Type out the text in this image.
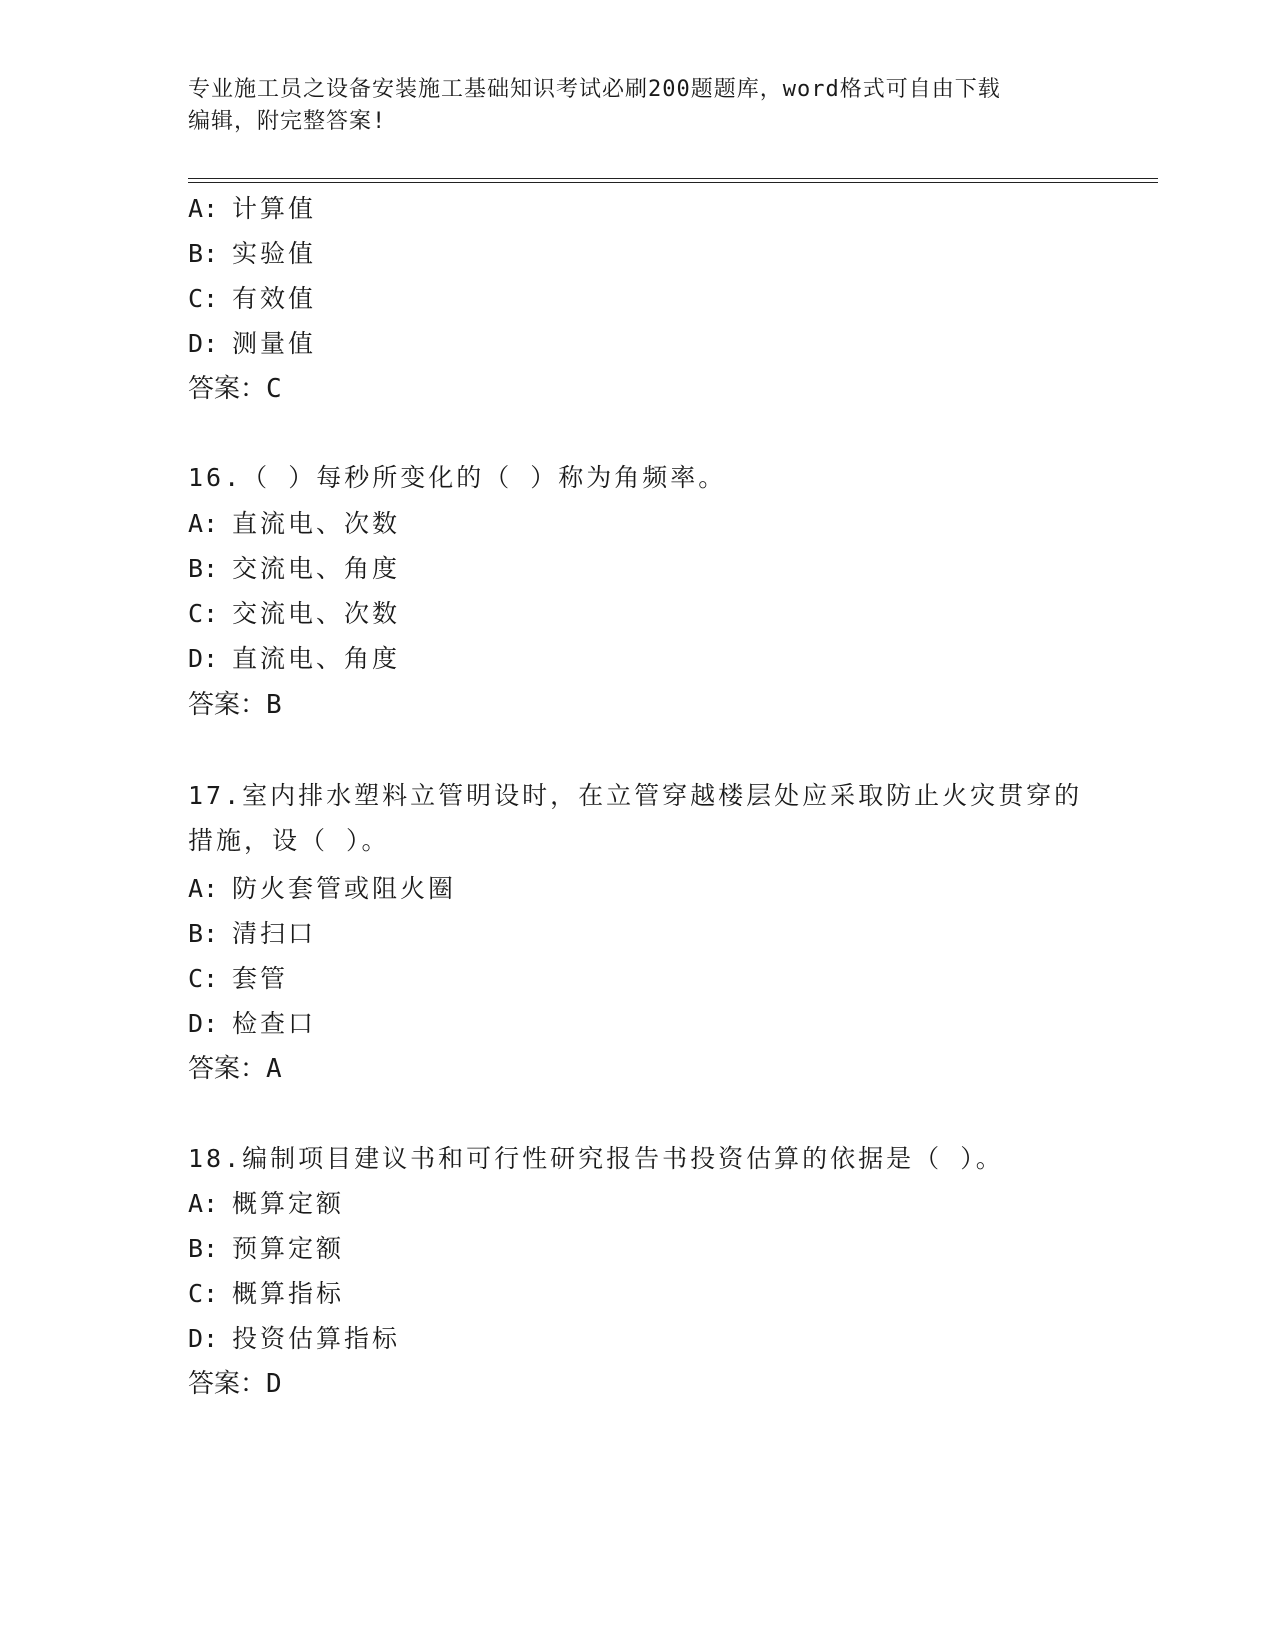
专业施工员之设备安装施工基础知识考试必刷200题题库，word格式可自由下载
编辑，附完整答案!
A: 计算值
B: 实验值
C: 有效值
D: 测量值
答案：C
16.（ ）每秒所变化的（ ）称为角频率。
A: 直流电、次数
B: 交流电、角度
C: 交流电、次数
D: 直流电、角度
答案：B
17.室内排水塑料立管明设时，在立管穿越楼层处应采取防止火灾贯穿的措施，设（ ）。
A: 防火套管或阻火圈
B: 清扫口
C: 套管
D: 检查口
答案：A
18.编制项目建议书和可行性研究报告书投资估算的依据是（ ）。
A: 概算定额
B: 预算定额
C: 概算指标
D: 投资估算指标
答案：D
